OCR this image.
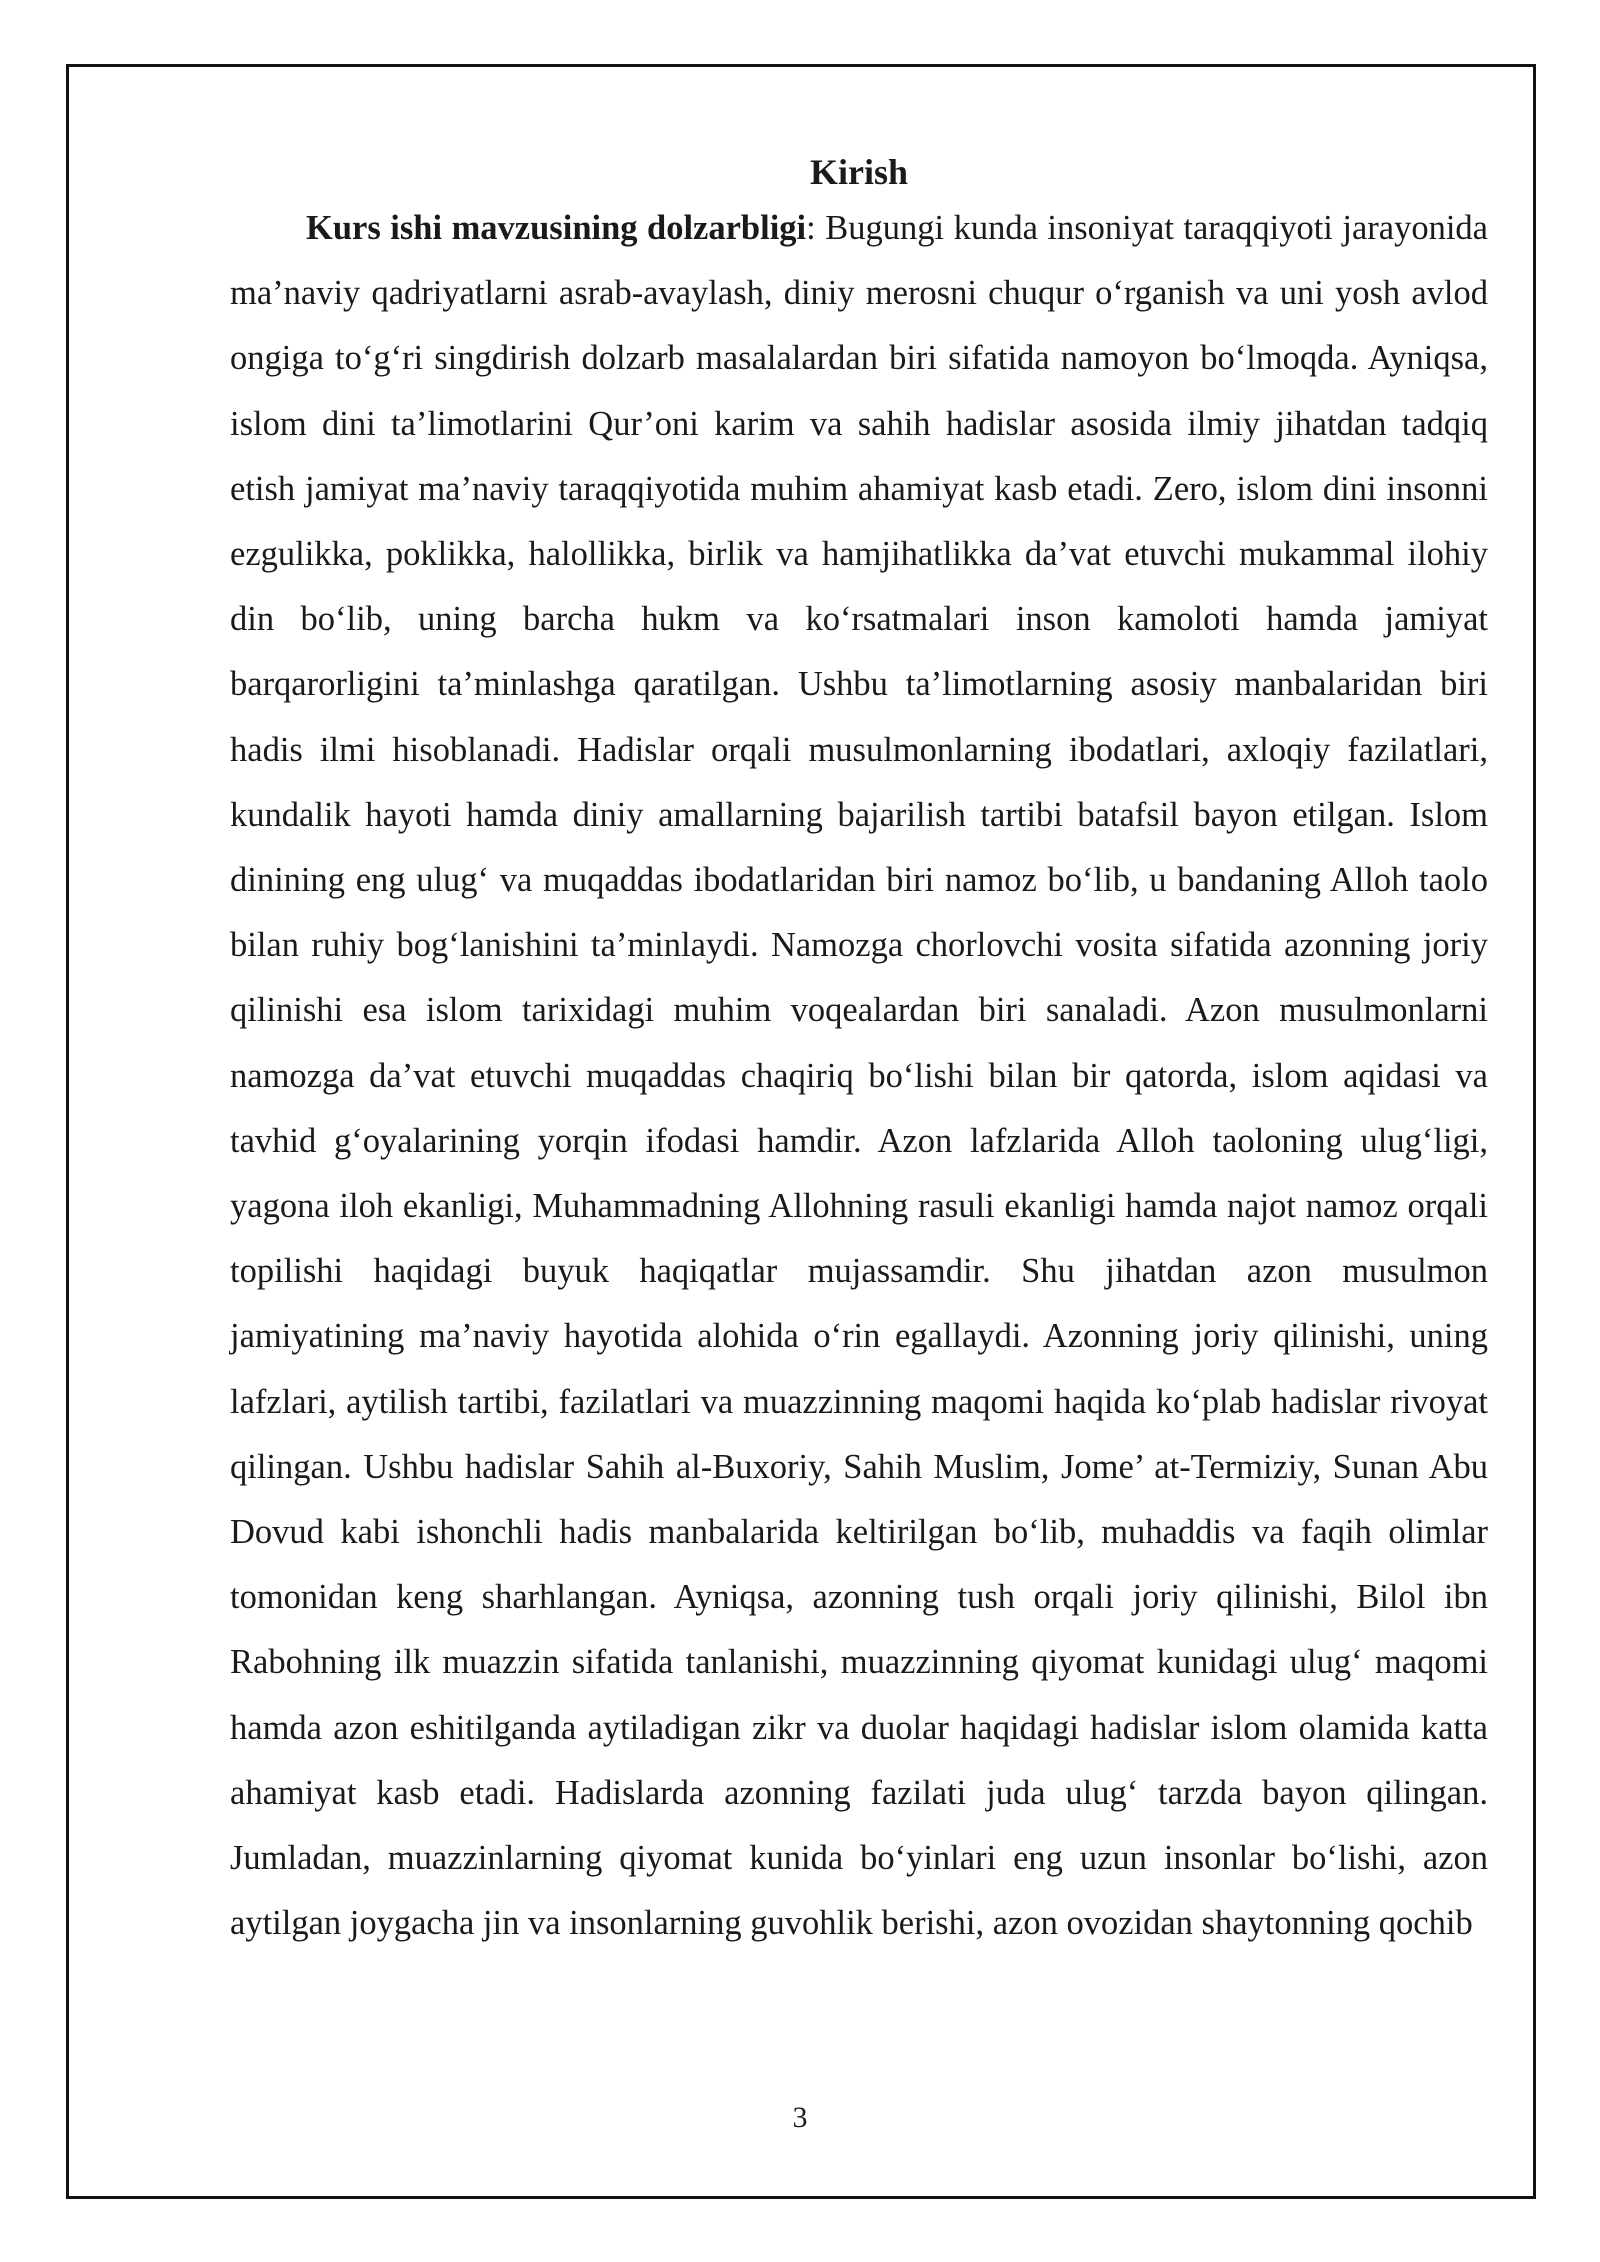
Kirish

Kurs ishi mavzusining dolzarbligi: Bugungi kunda insoniyat taraqqiyoti jarayonida ma’naviy qadriyatlarni asrab-avaylash, diniy merosni chuqur o‘rganish va uni yosh avlod ongiga to‘g‘ri singdirish dolzarb masalalardan biri sifatida namoyon bo‘lmoqda. Ayniqsa, islom dini ta’limotlarini Qur’oni karim va sahih hadislar asosida ilmiy jihatdan tadqiq etish jamiyat ma’naviy taraqqiyotida muhim ahamiyat kasb etadi. Zero, islom dini insonni ezgulikka, poklikka, halollikka, birlik va hamjihatlikka da’vat etuvchi mukammal ilohiy din bo‘lib, uning barcha hukm va ko‘rsatmalari inson kamoloti hamda jamiyat barqarorligini ta’minlashga qaratilgan. Ushbu ta’limotlarning asosiy manbalaridan biri hadis ilmi hisoblanadi. Hadislar orqali musulmonlarning ibodatlari, axloqiy fazilatlari, kundalik hayoti hamda diniy amallarning bajarilish tartibi batafsil bayon etilgan. Islom dinining eng ulug‘ va muqaddas ibodatlaridan biri namoz bo‘lib, u bandaning Alloh taolo bilan ruhiy bog‘lanishini ta’minlaydi. Namozga chorlovchi vosita sifatida azonning joriy qilinishi esa islom tarixidagi muhim voqealardan biri sanaladi. Azon musulmonlarni namozga da’vat etuvchi muqaddas chaqiriq bo‘lishi bilan bir qatorda, islom aqidasi va tavhid g‘oyalarining yorqin ifodasi hamdir. Azon lafzlarida Alloh taoloning ulug‘ligi, yagona iloh ekanligi, Muhammadning Allohning rasuli ekanligi hamda najot namoz orqali topilishi haqidagi buyuk haqiqatlar mujassamdir. Shu jihatdan azon musulmon jamiyatining ma’naviy hayotida alohida o‘rin egallaydi. Azonning joriy qilinishi, uning lafzlari, aytilish tartibi, fazilatlari va muazzinning maqomi haqida ko‘plab hadislar rivoyat qilingan. Ushbu hadislar Sahih al-Buxoriy, Sahih Muslim, Jome’ at-Termiziy, Sunan Abu Dovud kabi ishonchli hadis manbalarida keltirilgan bo‘lib, muhaddis va faqih olimlar tomonidan keng sharhlangan. Ayniqsa, azonning tush orqali joriy qilinishi, Bilol ibn Rabohning ilk muazzin sifatida tanlanishi, muazzinning qiyomat kunidagi ulug‘ maqomi hamda azon eshitilganda aytiladigan zikr va duolar haqidagi hadislar islom olamida katta ahamiyat kasb etadi. Hadislarda azonning fazilati juda ulug‘ tarzda bayon qilingan. Jumladan, muazzinlarning qiyomat kunida bo‘yinlari eng uzun insonlar bo‘lishi, azon aytilgan joygacha jin va insonlarning guvohlik berishi, azon ovozidan shaytonning qochib

3
